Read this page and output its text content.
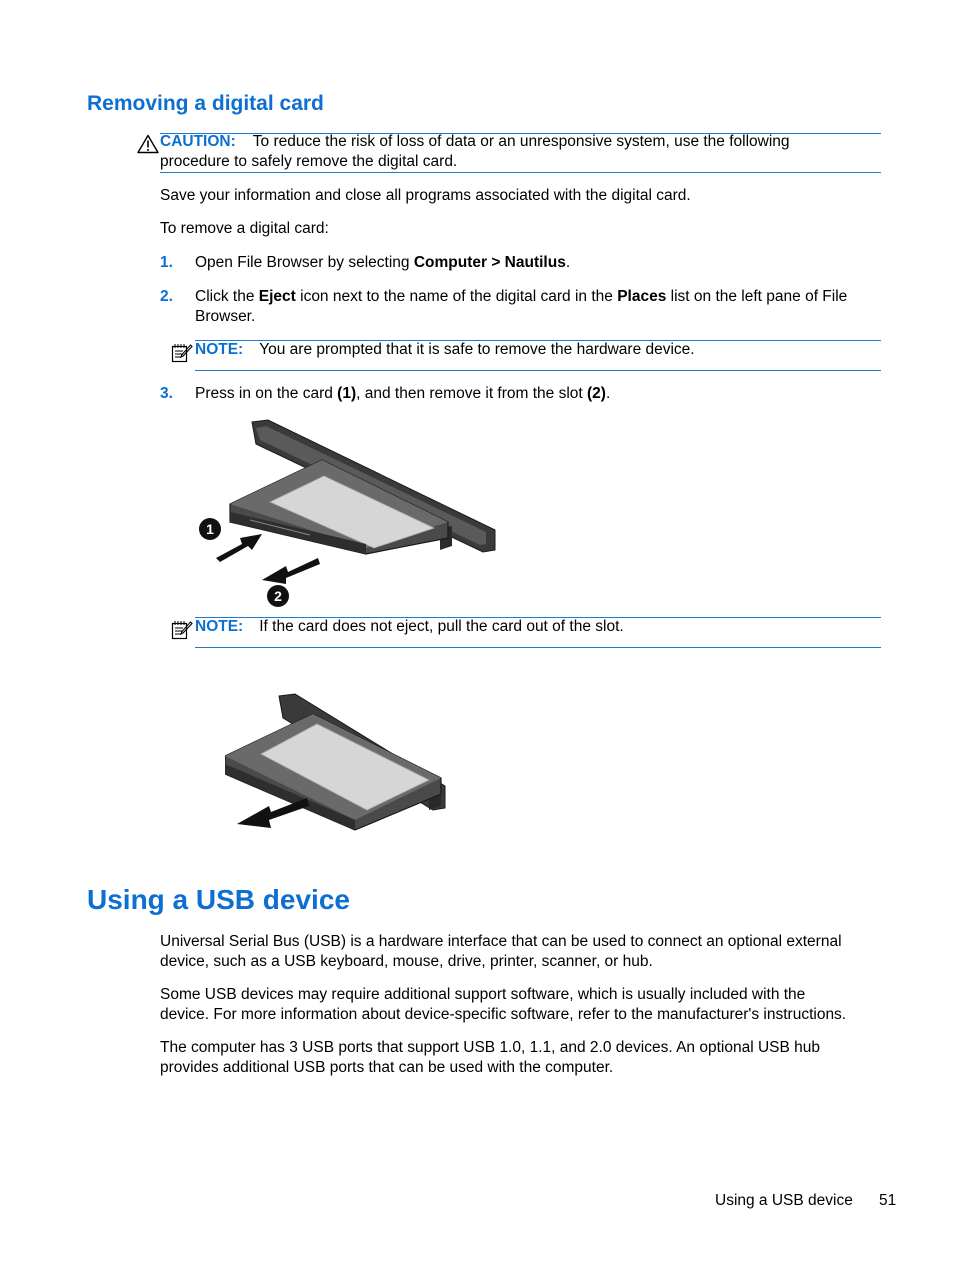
Removing a digital card
CAUTION: To reduce the risk of loss of data or an unresponsive system, use the following
procedure to safely remove the digital card.
Save your information and close all programs associated with the digital card.
To remove a digital card:
1. Open File Browser by selecting Computer > Nautilus.
2. Click the Eject icon next to the name of the digital card in the Places list on the left pane of File
Browser.
NOTE: You are prompted that it is safe to remove the hardware device.
3. Press in on the card (1), and then remove it from the slot (2).
1
2
NOTE: If the card does not eject, pull the card out of the slot.
Using a USB device
Universal Serial Bus (USB) is a hardware interface that can be used to connect an optional external
device, such as a USB keyboard, mouse, drive, printer, scanner, or hub.
Some USB devices may require additional support software, which is usually included with the
device. For more information about device-specific software, refer to the manufacturer's instructions.
The computer has 3 USB ports that support USB 1.0, 1.1, and 2.0 devices. An optional USB hub
provides additional USB ports that can be used with the computer.
Using a USB device 51
